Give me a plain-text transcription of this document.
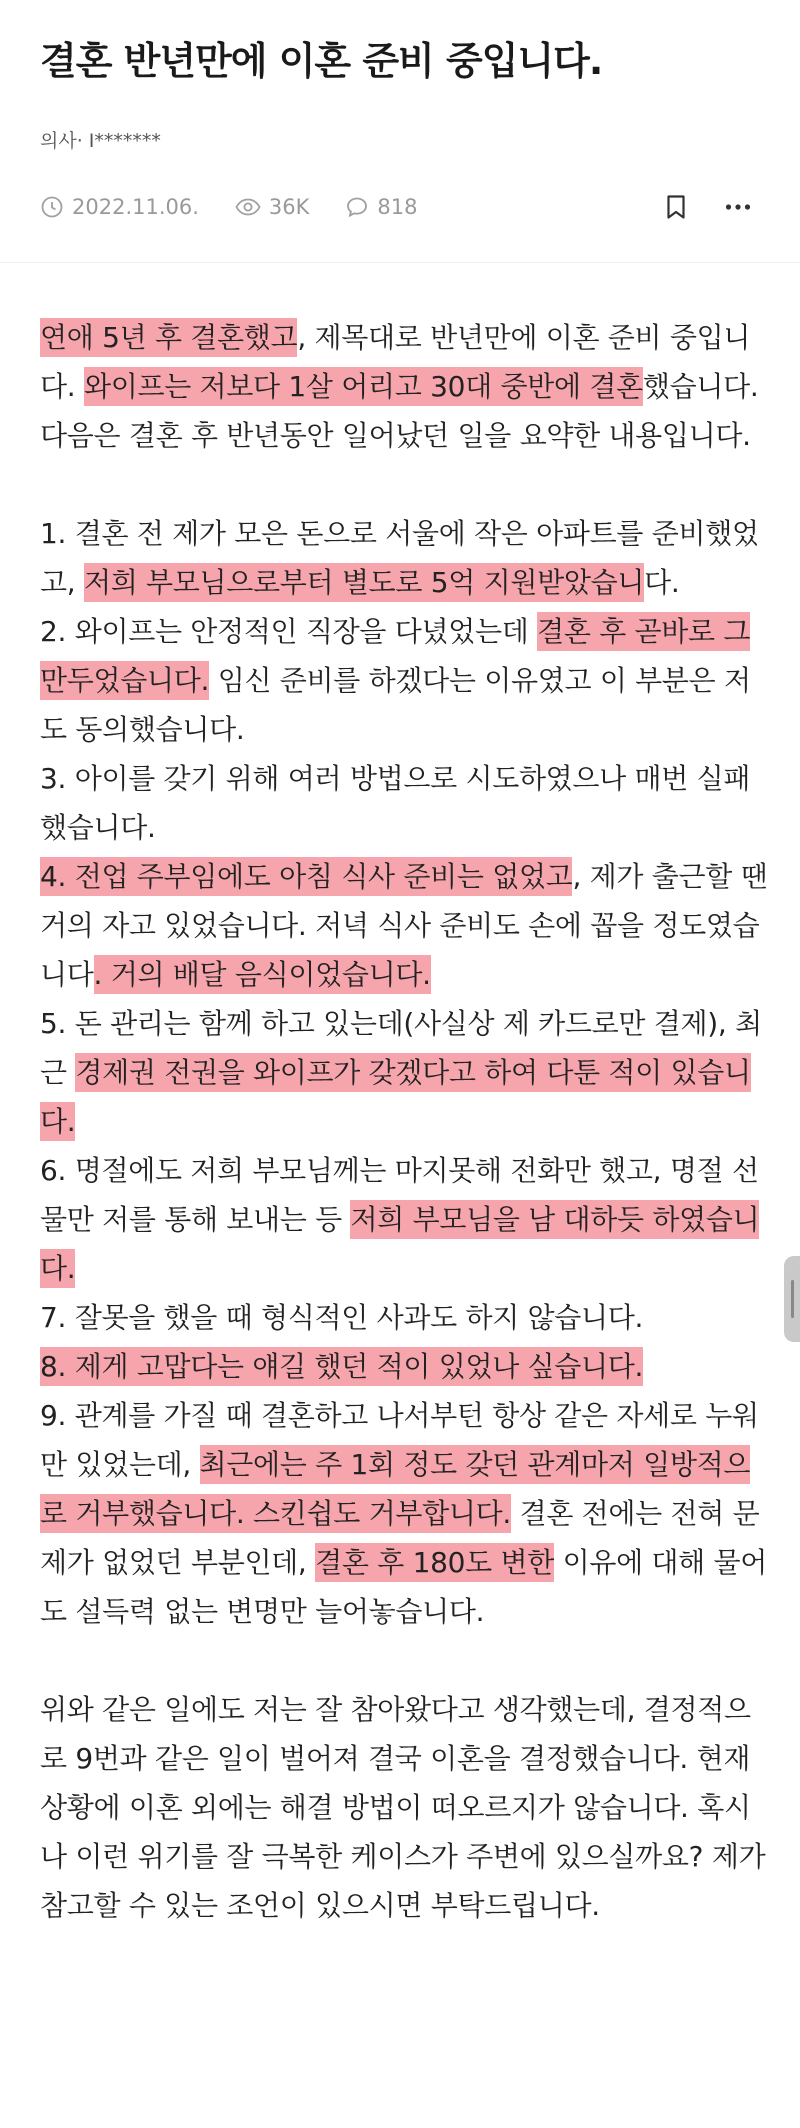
결혼 반년만에 이혼 준비 중입니다.
의사· I*******
2022.11.06.	36K	818

연애 5년 후 결혼했고, 제목대로 반년만에 이혼 준비 중입니다. 와이프는 저보다 1살 어리고 30대 중반에 결혼했습니다. 다음은 결혼 후 반년동안 일어났던 일을 요약한 내용입니다.

1. 결혼 전 제가 모은 돈으로 서울에 작은 아파트를 준비했었고, 저희 부모님으로부터 별도로 5억 지원받았습니다.

2. 와이프는 안정적인 직장을 다녔었는데 결혼 후 곧바로 그만두었습니다. 임신 준비를 하겠다는 이유였고 이 부분은 저도 동의했습니다.

3. 아이를 갖기 위해 여러 방법으로 시도하였으나 매번 실패했습니다.

4. 전업 주부임에도 아침 식사 준비는 없었고, 제가 출근할 땐 거의 자고 있었습니다. 저녁 식사 준비도 손에 꼽을 정도였습니다. 거의 배달 음식이었습니다.

5. 돈 관리는 함께 하고 있는데(사실상 제 카드로만 결제), 최근 경제권 전권을 와이프가 갖겠다고 하여 다툰 적이 있습니다.

6. 명절에도 저희 부모님께는 마지못해 전화만 했고, 명절 선물만 저를 통해 보내는 등 저희 부모님을 남 대하듯 하였습니다.

7. 잘못을 했을 때 형식적인 사과도 하지 않습니다.

8. 제게 고맙다는 얘길 했던 적이 있었나 싶습니다.

9. 관계를 가질 때 결혼하고 나서부턴 항상 같은 자세로 누워만 있었는데, 최근에는 주 1회 정도 갖던 관계마저 일방적으로 거부했습니다. 스킨쉽도 거부합니다. 결혼 전에는 전혀 문제가 없었던 부분인데, 결혼 후 180도 변한 이유에 대해 물어도 설득력 없는 변명만 늘어놓습니다.

위와 같은 일에도 저는 잘 참아왔다고 생각했는데, 결정적으로 9번과 같은 일이 벌어져 결국 이혼을 결정했습니다. 현재 상황에 이혼 외에는 해결 방법이 떠오르지가 않습니다. 혹시나 이런 위기를 잘 극복한 케이스가 주변에 있으실까요? 제가 참고할 수 있는 조언이 있으시면 부탁드립니다.
